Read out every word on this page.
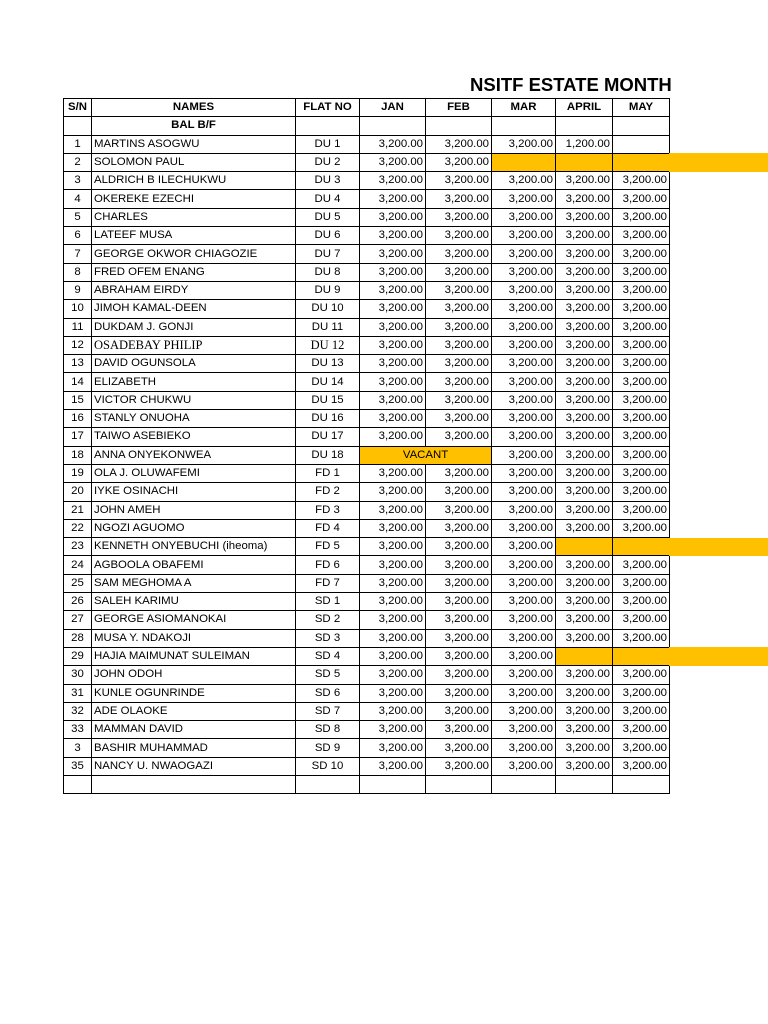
NSITF ESTATE MONTH
S/N	NAMES	FLAT NO	JAN	FEB	MAR	APRIL	MAY
	BAL B/F						
1	MARTINS ASOGWU	DU 1	3,200.00	3,200.00	3,200.00	1,200.00	
2	SOLOMON PAUL	DU 2	3,200.00	3,200.00			
3	ALDRICH B ILECHUKWU	DU 3	3,200.00	3,200.00	3,200.00	3,200.00	3,200.00
4	OKEREKE EZECHI	DU 4	3,200.00	3,200.00	3,200.00	3,200.00	3,200.00
5	CHARLES	DU 5	3,200.00	3,200.00	3,200.00	3,200.00	3,200.00
6	LATEEF MUSA	DU 6	3,200.00	3,200.00	3,200.00	3,200.00	3,200.00
7	GEORGE OKWOR CHIAGOZIE	DU 7	3,200.00	3,200.00	3,200.00	3,200.00	3,200.00
8	FRED OFEM ENANG	DU 8	3,200.00	3,200.00	3,200.00	3,200.00	3,200.00
9	ABRAHAM EIRDY	DU 9	3,200.00	3,200.00	3,200.00	3,200.00	3,200.00
10	JIMOH KAMAL-DEEN	DU 10	3,200.00	3,200.00	3,200.00	3,200.00	3,200.00
11	DUKDAM J. GONJI	DU 11	3,200.00	3,200.00	3,200.00	3,200.00	3,200.00
12	OSADEBAY PHILIP	DU 12	3,200.00	3,200.00	3,200.00	3,200.00	3,200.00
13	DAVID OGUNSOLA	DU 13	3,200.00	3,200.00	3,200.00	3,200.00	3,200.00
14	ELIZABETH	DU 14	3,200.00	3,200.00	3,200.00	3,200.00	3,200.00
15	VICTOR CHUKWU	DU 15	3,200.00	3,200.00	3,200.00	3,200.00	3,200.00
16	STANLY ONUOHA	DU 16	3,200.00	3,200.00	3,200.00	3,200.00	3,200.00
17	TAIWO ASEBIEKO	DU 17	3,200.00	3,200.00	3,200.00	3,200.00	3,200.00
18	ANNA ONYEKONWEA	DU 18	VACANT		3,200.00	3,200.00	3,200.00
19	OLA J. OLUWAFEMI	FD 1	3,200.00	3,200.00	3,200.00	3,200.00	3,200.00
20	IYKE OSINACHI	FD 2	3,200.00	3,200.00	3,200.00	3,200.00	3,200.00
21	JOHN AMEH	FD 3	3,200.00	3,200.00	3,200.00	3,200.00	3,200.00
22	NGOZI AGUOMO	FD 4	3,200.00	3,200.00	3,200.00	3,200.00	3,200.00
23	KENNETH ONYEBUCHI (iheoma)	FD 5	3,200.00	3,200.00	3,200.00		
24	AGBOOLA OBAFEMI	FD 6	3,200.00	3,200.00	3,200.00	3,200.00	3,200.00
25	SAM MEGHOMA A	FD 7	3,200.00	3,200.00	3,200.00	3,200.00	3,200.00
26	SALEH KARIMU	SD 1	3,200.00	3,200.00	3,200.00	3,200.00	3,200.00
27	GEORGE ASIOMANOKAI	SD 2	3,200.00	3,200.00	3,200.00	3,200.00	3,200.00
28	MUSA Y. NDAKOJI	SD 3	3,200.00	3,200.00	3,200.00	3,200.00	3,200.00
29	HAJIA MAIMUNAT SULEIMAN	SD 4	3,200.00	3,200.00	3,200.00		
30	JOHN ODOH	SD 5	3,200.00	3,200.00	3,200.00	3,200.00	3,200.00
31	KUNLE OGUNRINDE	SD 6	3,200.00	3,200.00	3,200.00	3,200.00	3,200.00
32	ADE OLAOKE	SD 7	3,200.00	3,200.00	3,200.00	3,200.00	3,200.00
33	MAMMAN DAVID	SD 8	3,200.00	3,200.00	3,200.00	3,200.00	3,200.00
3	BASHIR MUHAMMAD	SD 9	3,200.00	3,200.00	3,200.00	3,200.00	3,200.00
35	NANCY U. NWAOGAZI	SD 10	3,200.00	3,200.00	3,200.00	3,200.00	3,200.00
